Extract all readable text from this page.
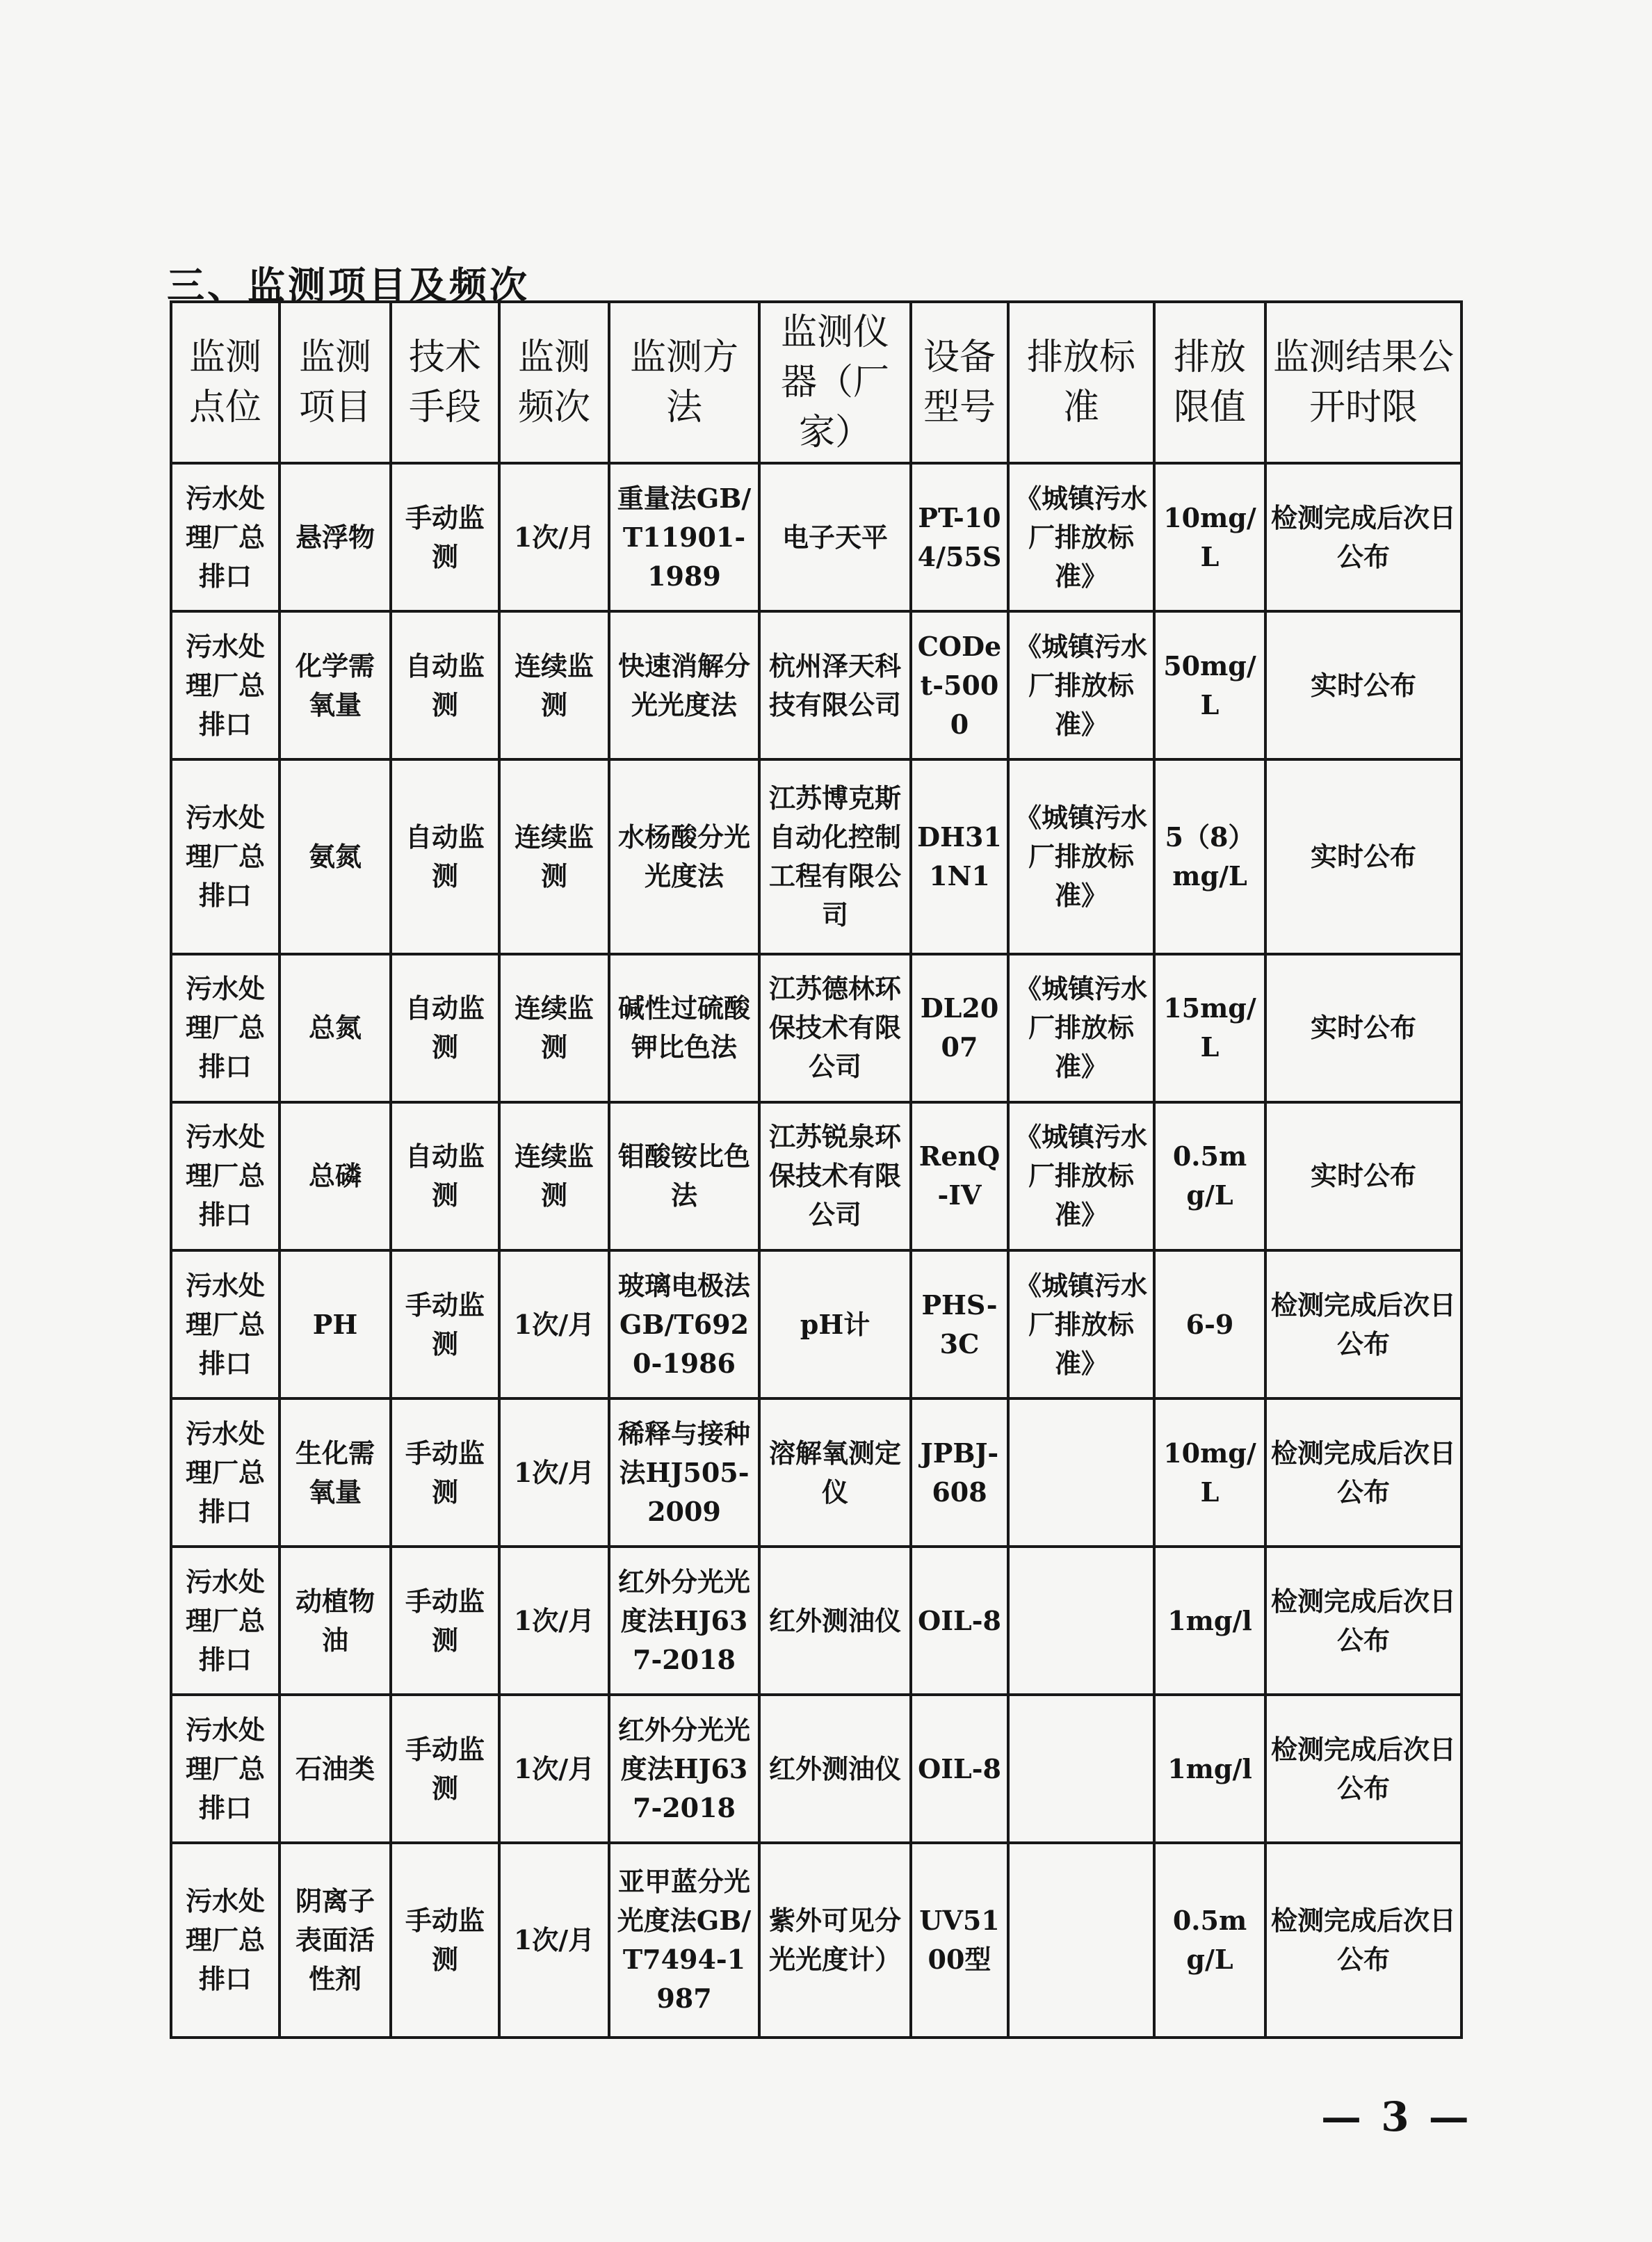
三、监测项目及频次
监测点位	监测项目	技术手段	监测频次	监测方法	监测仪器（厂家）	设备型号	排放标准	排放限值	监测结果公开时限
污水处理厂总排口	悬浮物	手动监测	1次/月	重量法GB/T11901-1989	电子天平	PT-104/55S	《城镇污水厂排放标准》	10mg/L	检测完成后次日公布
污水处理厂总排口	化学需氧量	自动监测	连续监测	快速消解分光光度法	杭州泽天科技有限公司	CODet-5000	《城镇污水厂排放标准》	50mg/L	实时公布
污水处理厂总排口	氨氮	自动监测	连续监测	水杨酸分光光度法	江苏博克斯自动化控制工程有限公司	DH311N1	《城镇污水厂排放标准》	5（8）mg/L	实时公布
污水处理厂总排口	总氮	自动监测	连续监测	碱性过硫酸钾比色法	江苏德林环保技术有限公司	DL2007	《城镇污水厂排放标准》	15mg/L	实时公布
污水处理厂总排口	总磷	自动监测	连续监测	钼酸铵比色法	江苏锐泉环保技术有限公司	RenQ-IV	《城镇污水厂排放标准》	0.5mg/L	实时公布
污水处理厂总排口	PH	手动监测	1次/月	玻璃电极法GB/T6920-1986	pH计	PHS-3C	《城镇污水厂排放标准》	6-9	检测完成后次日公布
污水处理厂总排口	生化需氧量	手动监测	1次/月	稀释与接种法HJ505-2009	溶解氧测定仪	JPBJ-608		10mg/L	检测完成后次日公布
污水处理厂总排口	动植物油	手动监测	1次/月	红外分光光度法HJ637-2018	红外测油仪	OIL-8		1mg/l	检测完成后次日公布
污水处理厂总排口	石油类	手动监测	1次/月	红外分光光度法HJ637-2018	红外测油仪	OIL-8		1mg/l	检测完成后次日公布
污水处理厂总排口	阴离子表面活性剂	手动监测	1次/月	亚甲蓝分光光度法GB/T7494-1987	紫外可见分光光度计）	UV5100型		0.5mg/L	检测完成后次日公布
— 3 —
